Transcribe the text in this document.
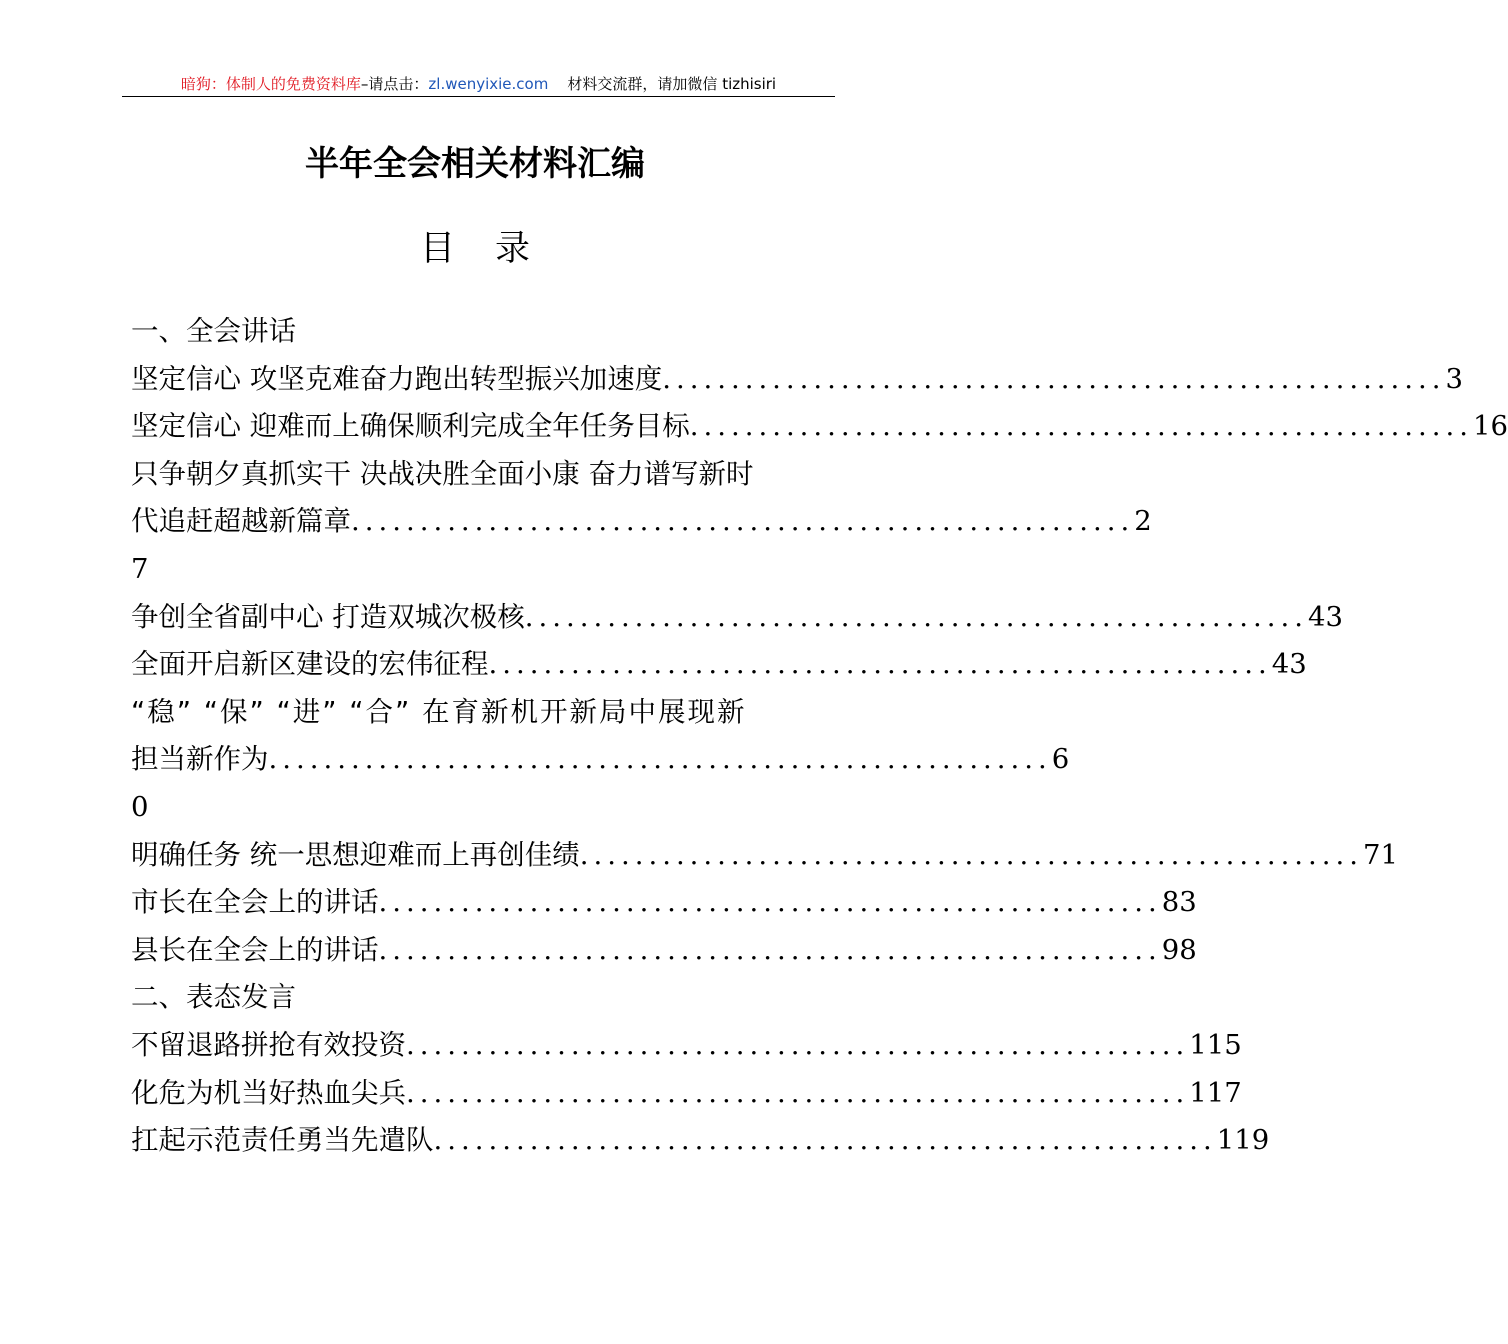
暗狗：体制人的免费资料库–请点击：zl.wenyixie.com 材料交流群，请加微信 tizhisiri
半年全会相关材料汇编
目录
一、全会讲话
坚定信心 攻坚克难奋力跑出转型振兴加速度 ......................................................... 3
坚定信心 迎难而上确保顺利完成全年任务目标 ......................................................... 16
只争朝夕真抓实干 决战决胜全面小康 奋力谱写新时
代追赶超越新篇章 ......................................................... 2
7
争创全省副中心 打造双城次极核 ......................................................... 43
全面开启新区建设的宏伟征程 ......................................................... 43
“稳” “保” “进” “合” 在育新机开新局中展现新
担当新作为 ......................................................... 6
0
明确任务 统一思想迎难而上再创佳绩 ......................................................... 71
市长在全会上的讲话 ......................................................... 83
县长在全会上的讲话 ......................................................... 98
二、表态发言
不留退路拼抢有效投资 ......................................................... 115
化危为机当好热血尖兵 ......................................................... 117
扛起示范责任勇当先遣队 ......................................................... 119
